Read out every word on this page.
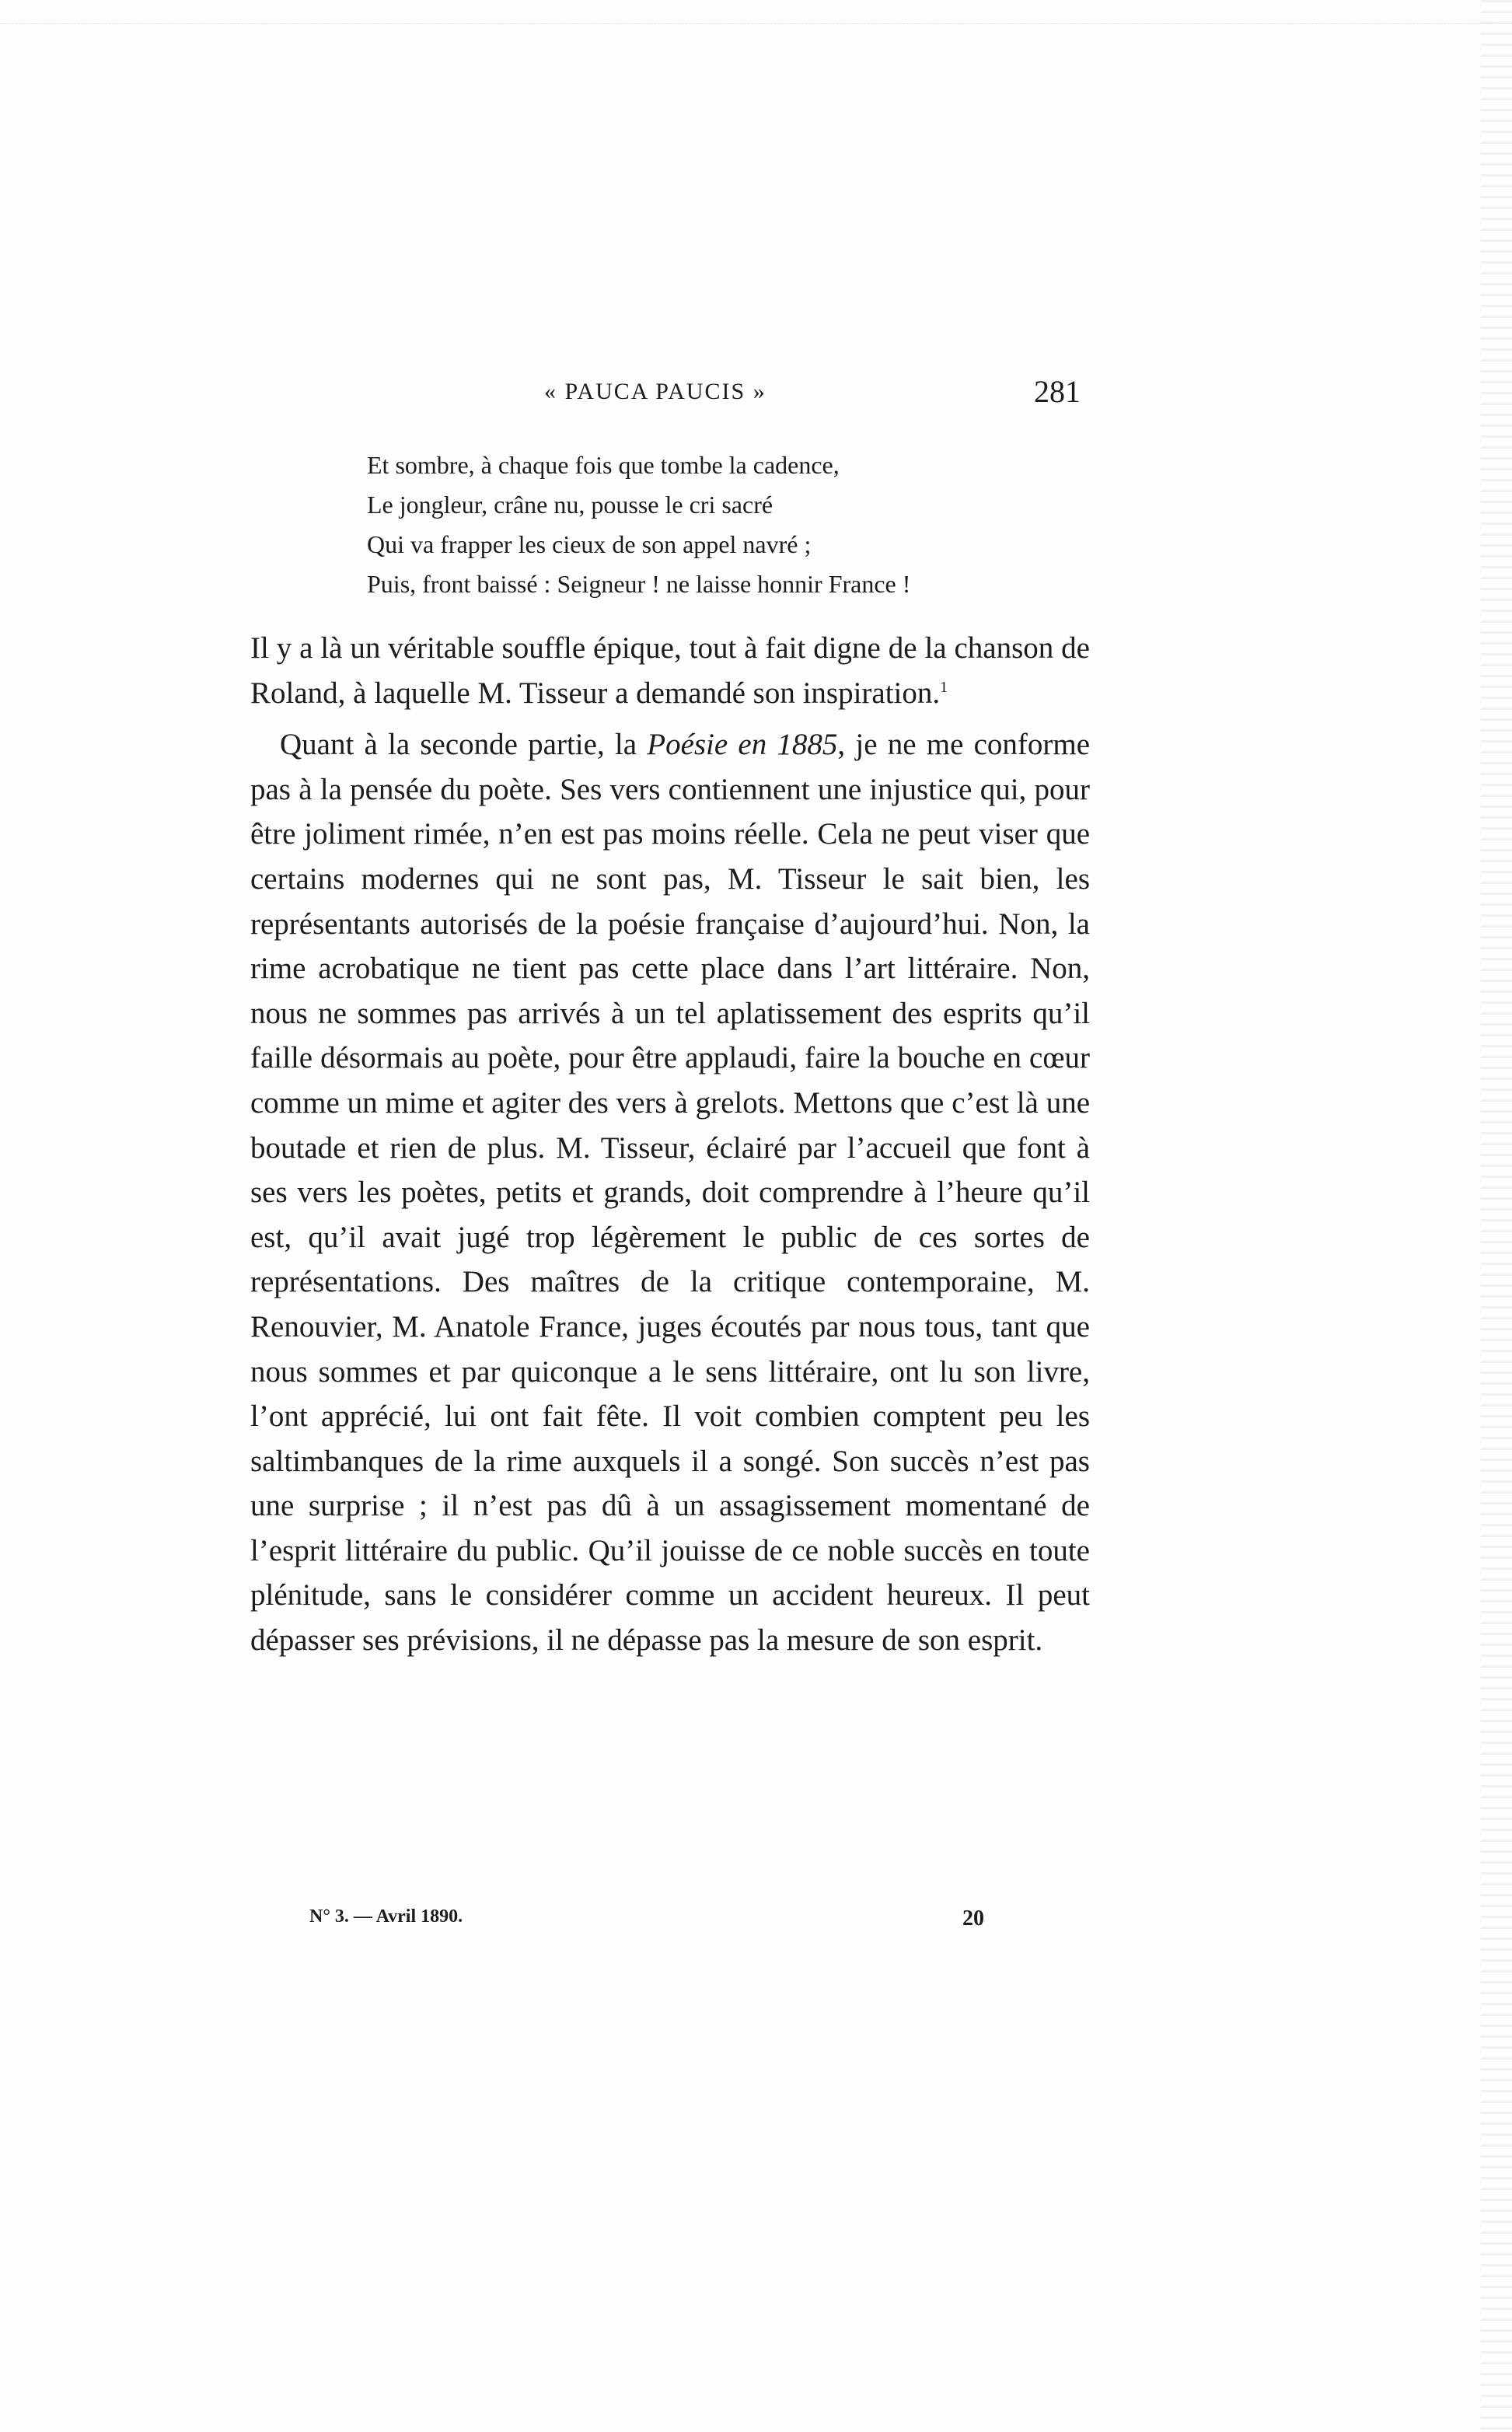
« PAUCA PAUCIS »	281
Et sombre, à chaque fois que tombe la cadence,
Le jongleur, crâne nu, pousse le cri sacré
Qui va frapper les cieux de son appel navré ;
Puis, front baissé : Seigneur ! ne laisse honnir France !

Il y a là un véritable souffle épique, tout à fait digne de la chanson de Roland, à laquelle M. Tisseur a demandé son inspiration.$^1$

Quant à la seconde partie, la Poésie en 1885, je ne me conforme pas à la pensée du poète. Ses vers contiennent une injustice qui, pour être joliment rimée, n’en est pas moins réelle. Cela ne peut viser que certains modernes qui ne sont pas, M. Tisseur le sait bien, les représentants autorisés de la poésie française d’aujourd’hui. Non, la rime acrobatique ne tient pas cette place dans l’art littéraire. Non, nous ne sommes pas arrivés à un tel aplatissement des esprits qu’il faille désormais au poète, pour être applaudi, faire la bouche en cœur comme un mime et agiter des vers à grelots. Mettons que c’est là une boutade et rien de plus. M. Tisseur, éclairé par l’accueil que font à ses vers les poètes, petits et grands, doit comprendre à l’heure qu’il est, qu’il avait jugé trop légèrement le public de ces sortes de représentations. Des maîtres de la critique contemporaine, M. Renouvier, M. Anatole France, juges écoutés par nous tous, tant que nous sommes et par quiconque a le sens littéraire, ont lu son livre, l’ont apprécié, lui ont fait fête. Il voit combien comptent peu les saltimbanques de la rime auxquels il a songé. Son succès n’est pas une surprise ; il n’est pas dû à un assagissement momentané de l’esprit littéraire du public. Qu’il jouisse de ce noble succès en toute plénitude, sans le considérer comme un accident heureux. Il peut dépasser ses prévisions, il ne dépasse pas la mesure de son esprit.

N° 3. — Avril 1890.	20
